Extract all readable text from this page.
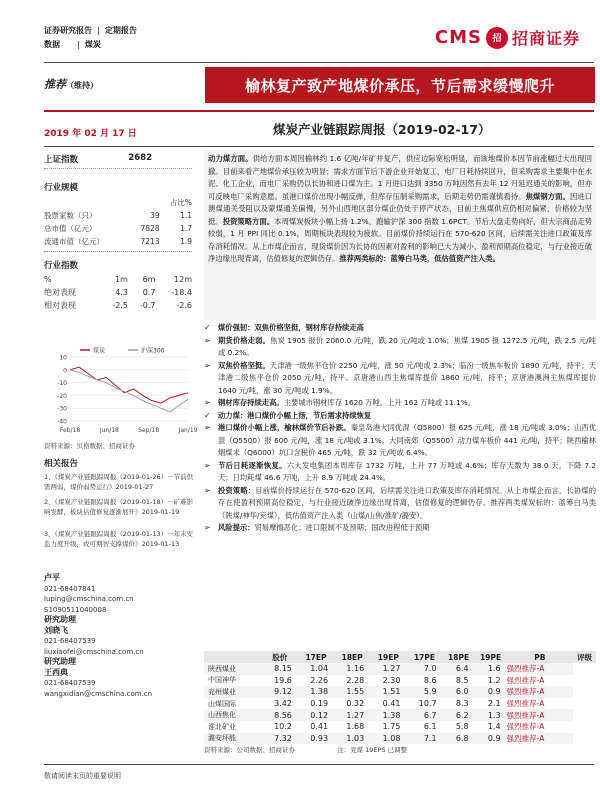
证券研究报告 | 定期报告
数据 | 煤炭	CMS	招 招商证券
推荐（维持）	榆林复产致产地煤价承压，节后需求缓慢爬升
2019 年 02 月 17 日	煤炭产业链跟踪周报（2019-02-17）
上证指数	2682
行业规模
		占比%
股票家数（只）	39	1.1
总市值（亿元）	7828	1.7
流通市值（亿元）	7213	1.9
行业指数
%	1m	6m	12m
绝对表现	4.3	0.7	-18.4
相对表现	-2.5	-0.7	-2.6
10
0
-10
-20
-30
-40
Feb/18	Jun/18	Sep/18	Jan/19
煤炭	沪深300
资料来源：贝格数据、招商证券
相关报告
1、《煤炭产业链跟踪周报（2019-01-26）－节前供需两弱，煤价弱势运行》2019-01-27
2、《煤炭产业链跟踪周报（2019-01-18）－矿难影响发酵，板块估值修复逐渐展开》2019-01-19
3、《煤炭产业链跟踪周报（2019-01-13）－年末安监力度升级，或可期智支撑煤价》2019-01-13
卢平
021-68407841
luping@cmschina.com.cn
S1090511040008
研究助理
刘晓飞
021-68407539
liuxiaofei@cmschina.com.cn
研究助理
王西典
021-68407539
wangxidian@cmschina.com.cn
动力煤方面。供给方面本周因榆林约 1.6 亿吨/年矿井复产，供应边际宽松明显，而该地煤价本因节前涨幅过大出现回撤。目前来看产地煤价承压较为明显；需求方面节后下游企业开始复工，电厂日耗持续回升，但采购需求主要集中在水泥、化工企业，而电厂采购仍以长协和进口煤为主。1 月进口达到 3350 万吨因然有去年 12 月延迟通关的影响，但亦可反映电厂采购意愿。虽港口煤价出现小幅反弹，但库存压制采购需求，后期走势仍需谨慎看待。焦煤钢方面。因进口澳煤通关受阻以及蒙煤通关偏慢，另外山西地区部分煤企仍处于停产状态，目前主焦煤供应仍相对偏紧，价格较为坚挺。投资策略方面。本周煤炭板块小幅上扬 1.2%，跑输沪深 300 指数 1.6PCT。节后大盘走势向好，但大宗商品走势较弱，1 月 PPI 同比 0.1%，周期板块表现较为疲软。目前煤价持续运行在 570-620 区间，后续需关注进口政策及库存消耗情况。从上市煤企而言，现货煤价因为长协的因素对盈利的影响已大为减小，盈利预期高位稳定，与行业接近破净边缘出现背离，估值修复的逻辑仍存。推荐两类标的：蓝筹白马类，低估值资产注入类。
✓ 煤价强韧：双焦价格坚挺，钢材库存持续走高
➢ 期货价格走弱。焦炭 1905 报价 2060.0 元/吨，跌 20 元/吨或 1.0%；焦煤 1905 报 1272.5 元/吨，跌 2.5 元/吨或 0.2%。
➢ 双焦价格坚挺。天津港一级焦平仓价 2250 元/吨，涨 50 元/吨或 2.3%；临汾一级焦车板价 1890 元/吨，持平；天津港二级焦平仓价 2050 元/吨，持平。京唐港山西主焦煤库提价 1860 元/吨，持平；京唐港澳洲主焦煤库提价 1640 元/吨，涨 30 元/吨或 1.9%。
➢ 钢材库存持续走高。主要城市钢材库存 1620 万吨，上升 162 万吨或 11.1%。
✓ 动力煤：港口煤价小幅上扬，节后需求持续恢复
➢ 港口煤价小幅上涨，榆林煤价节后补跌。秦皇岛港大同优混（Q5800）报 625 元/吨，涨 18 元/吨或 3.0%；山西优混（Q5500）报 600 元/吨，涨 18 元/吨或 3.1%。大同南郊（Q5500）动力煤车板价 441 元/吨，持平；陕西榆林烟煤末（Q6000）坑口含税价 465 元/吨，跌 32 元/吨或 6.4%。
➢ 节后日耗逐渐恢复。六大发电集团本周库存 1732 万吨，上升 77 万吨或 4.6%；库存天数为 38.0 天，下降 7.2 天；日均耗煤 46.6 万吨，上升 8.9 万吨或 24.4%。
➢ 投资策略：目前煤价持续运行在 570-620 区间，后续需关注进口政策及库存消耗情况。从上市煤企而言，长协煤的存在使盈利预期高位稳定，与行业接近破净边缘出现背离，估值修复的逻辑仍存。推荐两类煤炭标的：蓝筹白马类（陕煤/神华/兖煤），低估值资产注入类（山煤/山焦/淮矿/潞安）。
➢ 风险提示：贸易摩擦恶化；进口限制不及预期；国改进程低于预期
	股价	17EP	18EP	19EP	17PE	18PE	19PE	PB	评级
陕西煤业	8.15	1.04	1.16	1.27	7.0	6.4	1.6	强烈推荐-A	
中国神华	19.6	2.26	2.28	2.30	8.6	8.5	1.2	强烈推荐-A	
兖州煤业	9.12	1.38	1.55	1.51	5.9	6.0	0.9	强烈推荐-A	
山煤国际	3.42	0.19	0.32	0.41	10.7	8.3	2.1	强烈推荐-A	
山西焦化	8.56	0.12	1.27	1.38	6.7	6.2	1.3	强烈推荐-A	
淮北矿业	10.2	0.41	1.68	1.75	6.1	5.8	1.4	强烈推荐-A	
潞安环能	7.32	0.93	1.03	1.08	7.1	6.8	0.9	强烈推荐-A	
资料来源：公司数据、招商证券	注：兖煤 19EPS 已调整
敬请阅读末页的重要说明
